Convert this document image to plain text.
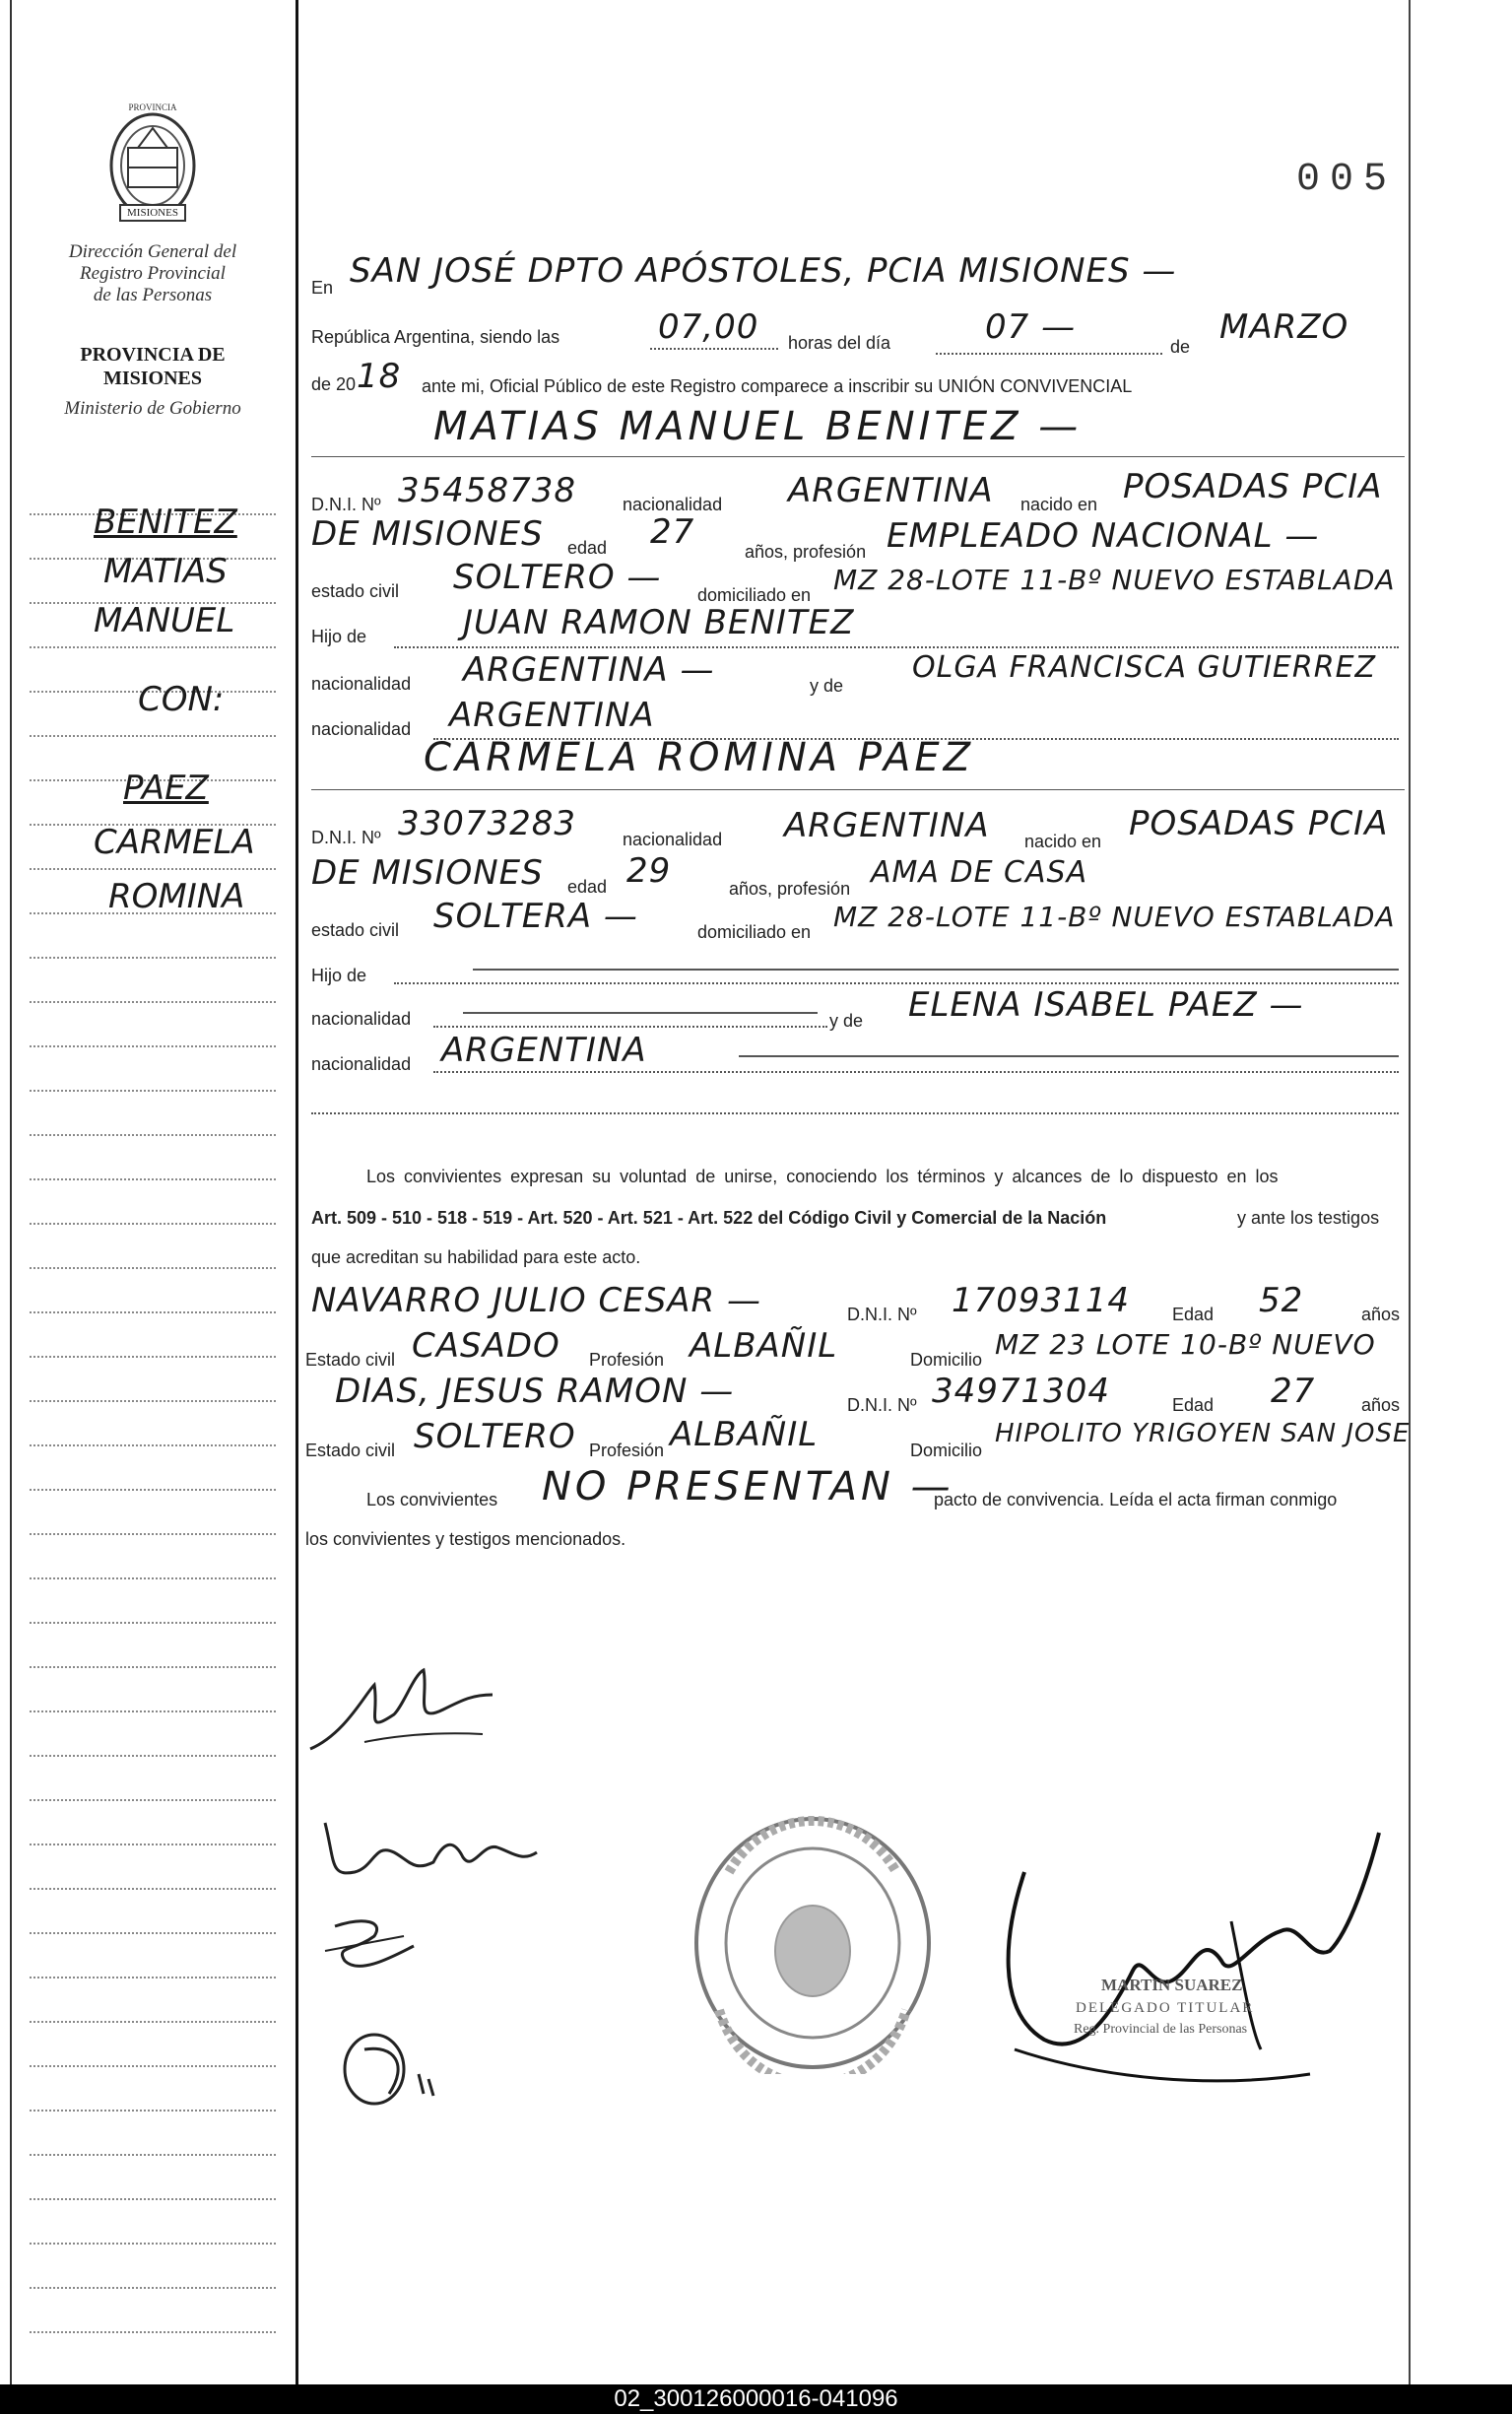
PROVINCIA
MISIONES
Dirección General del
Registro Provincial
de las Personas
PROVINCIA DE
MISIONES
Ministerio de Gobierno
005
BENITEZ
MATIAS
MANUEL
CON:
PAEZ
CARMELA
ROMINA
En SAN JOSÉ DPTO APÓSTOLES, PCIA MISIONES —
República Argentina, siendo las	07,00 horas del día	07 —	de MARZO
de 20 18 ante mi, Oficial Público de este Registro comparece a inscribir su UNIÓN CONVIVENCIAL
MATIAS MANUEL BENITEZ —
D.N.I. Nº 35458738	nacionalidad ARGENTINA nacido en POSADAS PCIA
DE MISIONES edad 27	años, profesión EMPLEADO NACIONAL —
estado civil SOLTERO — domiciliado en MZ 28-LOTE 11-Bº NUEVO ESTABLADA
Hijo de	JUAN RAMON BENITEZ
nacionalidad ARGENTINA —	y de
OLGA FRANCISCA GUTIERREZ
nacionalidad ARGENTINA
CARMELA ROMINA PAEZ
D.N.I. Nº 33073283	nacionalidad ARGENTINA nacido en POSADAS PCIA
DE MISIONES edad 29	años, profesión AMA DE CASA
estado civil SOLTERA —	domiciliado en MZ 28-LOTE 11-Bº NUEVO ESTABLADA
Hijo de
nacionalidad	y de ELENA ISABEL PAEZ —
nacionalidad ARGENTINA
Los convivientes expresan su voluntad de unirse, conociendo los términos y alcances de lo dispuesto en los
Art. 509 - 510 - 518 - 519 - Art. 520 - Art. 521 - Art. 522 del Código Civil y Comercial de la Nación	y ante los testigos
que acreditan su habilidad para este acto.
NAVARRO JULIO CESAR —	D.N.I. Nº 17093114 Edad 52	años
Estado civil CASADO Profesión ALBAÑIL	Domicilio MZ 23 LOTE 10-Bº NUEVO
DIAS, JESUS RAMON —	D.N.I. Nº 34971304	Edad 27	años
Estado civil SOLTERO Profesión ALBAÑIL	Domicilio
HIPOLITO YRIGOYEN SAN JOSE
Los convivientes NO PRESENTAN —
pacto de convivencia. Leída el acta firman conmigo
los convivientes y testigos mencionados.
MARTIN SUAREZ
DELEGADO TITULAR
Reg. Provincial de las Personas
02_300126000016-041096
